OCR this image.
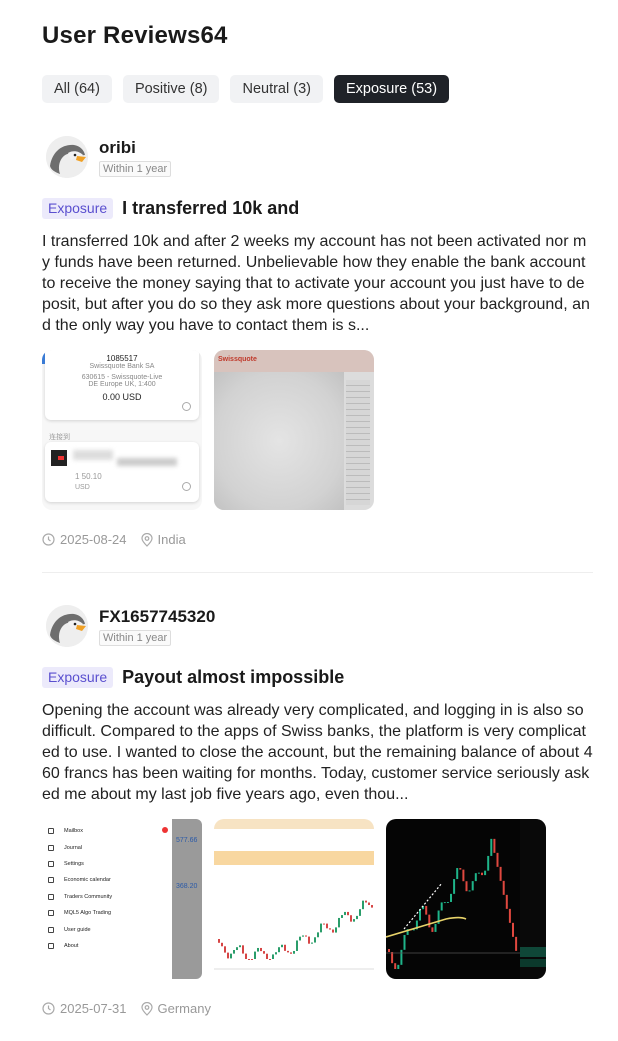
User Reviews64
All (64)	Positive (8)	Neutral (3)	Exposure (53)
oribi
Within 1 year
Exposure I transferred 10k and
I transferred 10k and after 2 weeks my account has not been activated nor my funds have been returned. Unbelievable how they enable the bank account to receive the money saying that to activate your account you just have to deposit, but after you do so they ask more questions about your background, and the only way you have to contact them is s...
1085517
Swissquote Bank SA
630615 - Swissquote-Live
DE Europe UK, 1:400
0.00 USD
连接到
1 50.10
USD
Swissquote
2025-08-24 India
FX1657745320
Within 1 year
Exposure Payout almost impossible
Opening the account was already very complicated, and logging in is also so difficult. Compared to the apps of Swiss banks, the platform is very complicated to use. I wanted to close the account, but the remaining balance of about 460 francs has been waiting for months. Today, customer service seriously asked me about my last job five years ago, even thou...
Mailbox
Journal
Settings
Economic calendar
Traders Community
MQL5 Algo Trading
User guide
About
577.66
368.20
2025-07-31 Germany
